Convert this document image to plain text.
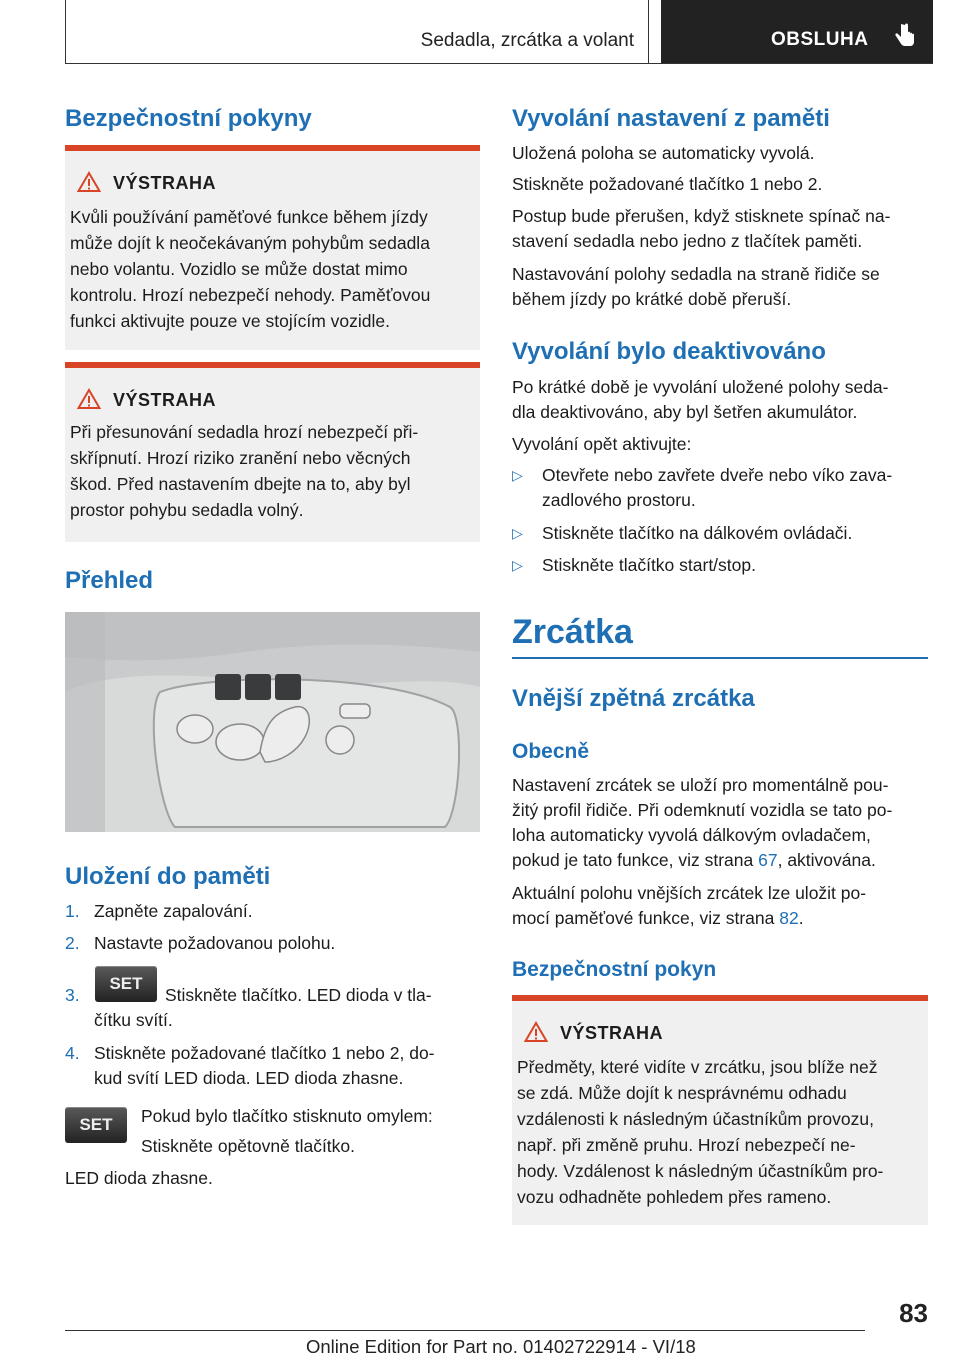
Sedadla, zrcátka a volant	OBSLUHA
Bezpečnostní pokyny
VÝSTRAHA
Kvůli používání paměťové funkce během jízdy
může dojít k neočekávaným pohybům sedadla
nebo volantu. Vozidlo se může dostat mimo
kontrolu. Hrozí nebezpečí nehody. Paměťovou
funkci aktivujte pouze ve stojícím vozidle.
VÝSTRAHA
Při přesunování sedadla hrozí nebezpečí při‐
skřípnutí. Hrozí riziko zranění nebo věcných
škod. Před nastavením dbejte na to, aby byl
prostor pohybu sedadla volný.
Přehled
Uložení do paměti
1. Zapněte zapalování.
2. Nastavte požadovanou polohu.
3.
SET
Stiskněte tlačítko. LED dioda v tla‐
čítku svítí.
4. Stiskněte požadované tlačítko 1 nebo 2, do‐
kud svítí LED dioda. LED dioda zhasne.
SET	Pokud bylo tlačítko stisknuto omylem:
Stiskněte opětovně tlačítko.
LED dioda zhasne.
Vyvolání nastavení z paměti
Uložená poloha se automaticky vyvolá.
Stiskněte požadované tlačítko 1 nebo 2.
Postup bude přerušen, když stisknete spínač na‐
stavení sedadla nebo jedno z tlačítek paměti.
Nastavování polohy sedadla na straně řidiče se
během jízdy po krátké době přeruší.
Vyvolání bylo deaktivováno
Po krátké době je vyvolání uložené polohy seda‐
dla deaktivováno, aby byl šetřen akumulátor.
Vyvolání opět aktivujte:
▷ Otevřete nebo zavřete dveře nebo víko zava‐
zadlového prostoru.
▷ Stiskněte tlačítko na dálkovém ovládači.
▷ Stiskněte tlačítko start/stop.
Zrcátka
Vnější zpětná zrcátka
Obecně
Nastavení zrcátek se uloží pro momentálně pou‐
žitý profil řidiče. Při odemknutí vozidla se tato po‐
loha automaticky vyvolá dálkovým ovladačem,
pokud je tato funkce, viz strana 67, aktivována.
Aktuální polohu vnějších zrcátek lze uložit po‐
mocí paměťové funkce, viz strana 82.
Bezpečnostní pokyn
VÝSTRAHA
Předměty, které vidíte v zrcátku, jsou blíže než
se zdá. Může dojít k nesprávnému odhadu
vzdálenosti k následným účastníkům provozu,
např. při změně pruhu. Hrozí nebezpečí ne‐
hody. Vzdálenost k následným účastníkům pro‐
vozu odhadněte pohledem přes rameno.
83
Online Edition for Part no. 01402722914 - VI/18
